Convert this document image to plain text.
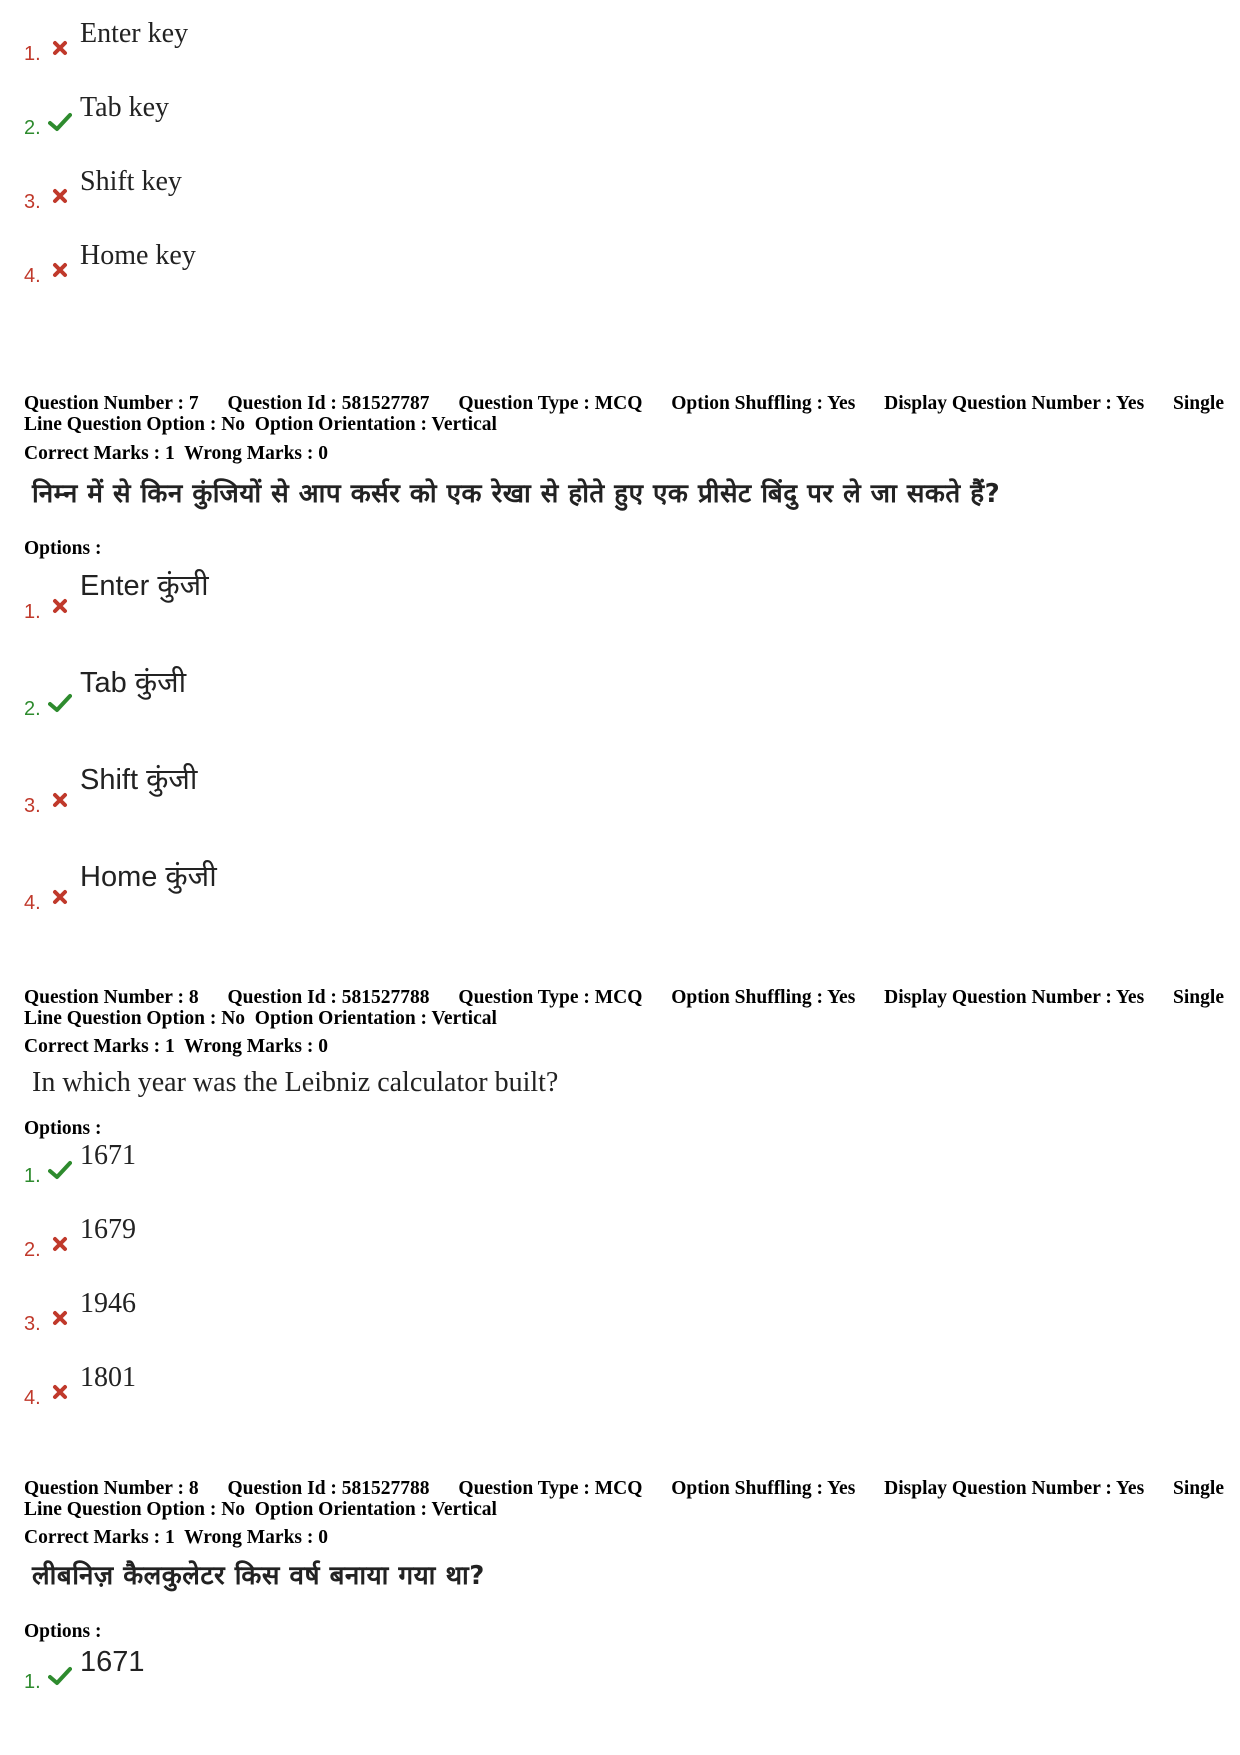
1.
Enter key
2.
Tab key
3.
Shift key
4.
Home key
Question Number : 7 Question Id : 581527787 Question Type : MCQ Option Shuffling : Yes Display Question Number : Yes Single
Line Question Option : No  Option Orientation : Vertical
Correct Marks : 1  Wrong Marks : 0
निम्न में से किन कुंजियों से आप कर्सर को एक रेखा से होते हुए एक प्रीसेट बिंदु पर ले जा सकते हैं?
Options :
1.
Enter कुंजी
2.
Tab कुंजी
3.
Shift कुंजी
4.
Home कुंजी
Question Number : 8 Question Id : 581527788 Question Type : MCQ Option Shuffling : Yes Display Question Number : Yes Single
Line Question Option : No  Option Orientation : Vertical
Correct Marks : 1  Wrong Marks : 0
In which year was the Leibniz calculator built?
Options :
1.
1671
2.
1679
3.
1946
4.
1801
Question Number : 8 Question Id : 581527788 Question Type : MCQ Option Shuffling : Yes Display Question Number : Yes Single
Line Question Option : No  Option Orientation : Vertical
Correct Marks : 1  Wrong Marks : 0
लीबनिज़ कैलकुलेटर किस वर्ष बनाया गया था?
Options :
1.
1671
